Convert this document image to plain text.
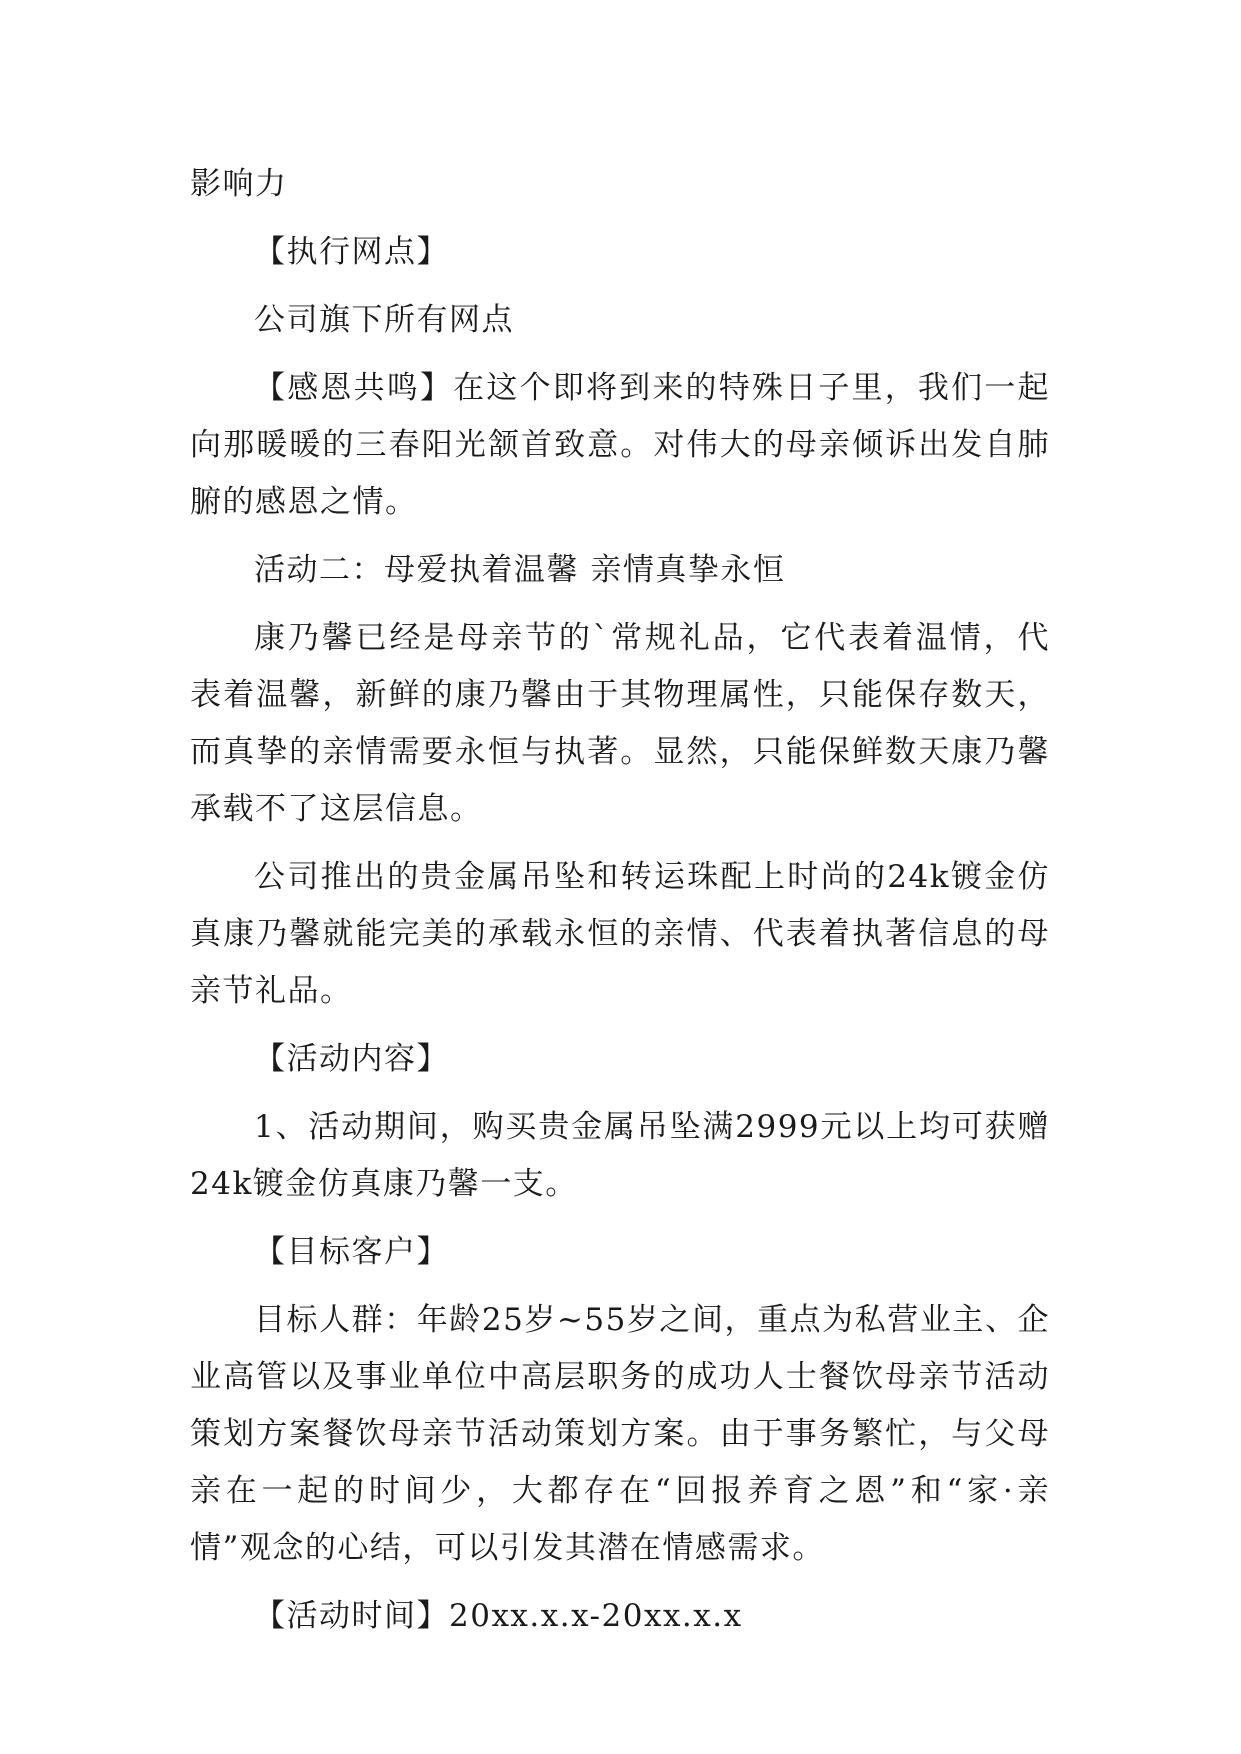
影响力

【执行网点】

公司旗下所有网点

【感恩共鸣】在这个即将到来的特殊日子里，我们一起向那暖暖的三春阳光颔首致意。对伟大的母亲倾诉出发自肺腑的感恩之情。

活动二：母爱执着温馨 亲情真挚永恒

康乃馨已经是母亲节的`常规礼品，它代表着温情，代表着温馨，新鲜的康乃馨由于其物理属性，只能保存数天，而真挚的亲情需要永恒与执著。显然，只能保鲜数天康乃馨承载不了这层信息。

公司推出的贵金属吊坠和转运珠配上时尚的24k镀金仿真康乃馨就能完美的承载永恒的亲情、代表着执著信息的母亲节礼品。

【活动内容】

1、活动期间，购买贵金属吊坠满2999元以上均可获赠24k镀金仿真康乃馨一支。

【目标客户】

目标人群：年龄25岁~55岁之间，重点为私营业主、企业高管以及事业单位中高层职务的成功人士餐饮母亲节活动策划方案餐饮母亲节活动策划方案。由于事务繁忙，与父母亲在一起的时间少，大都存在“回报养育之恩”和“家·亲情”观念的心结，可以引发其潜在情感需求。

【活动时间】20xx.x.x-20xx.x.x
